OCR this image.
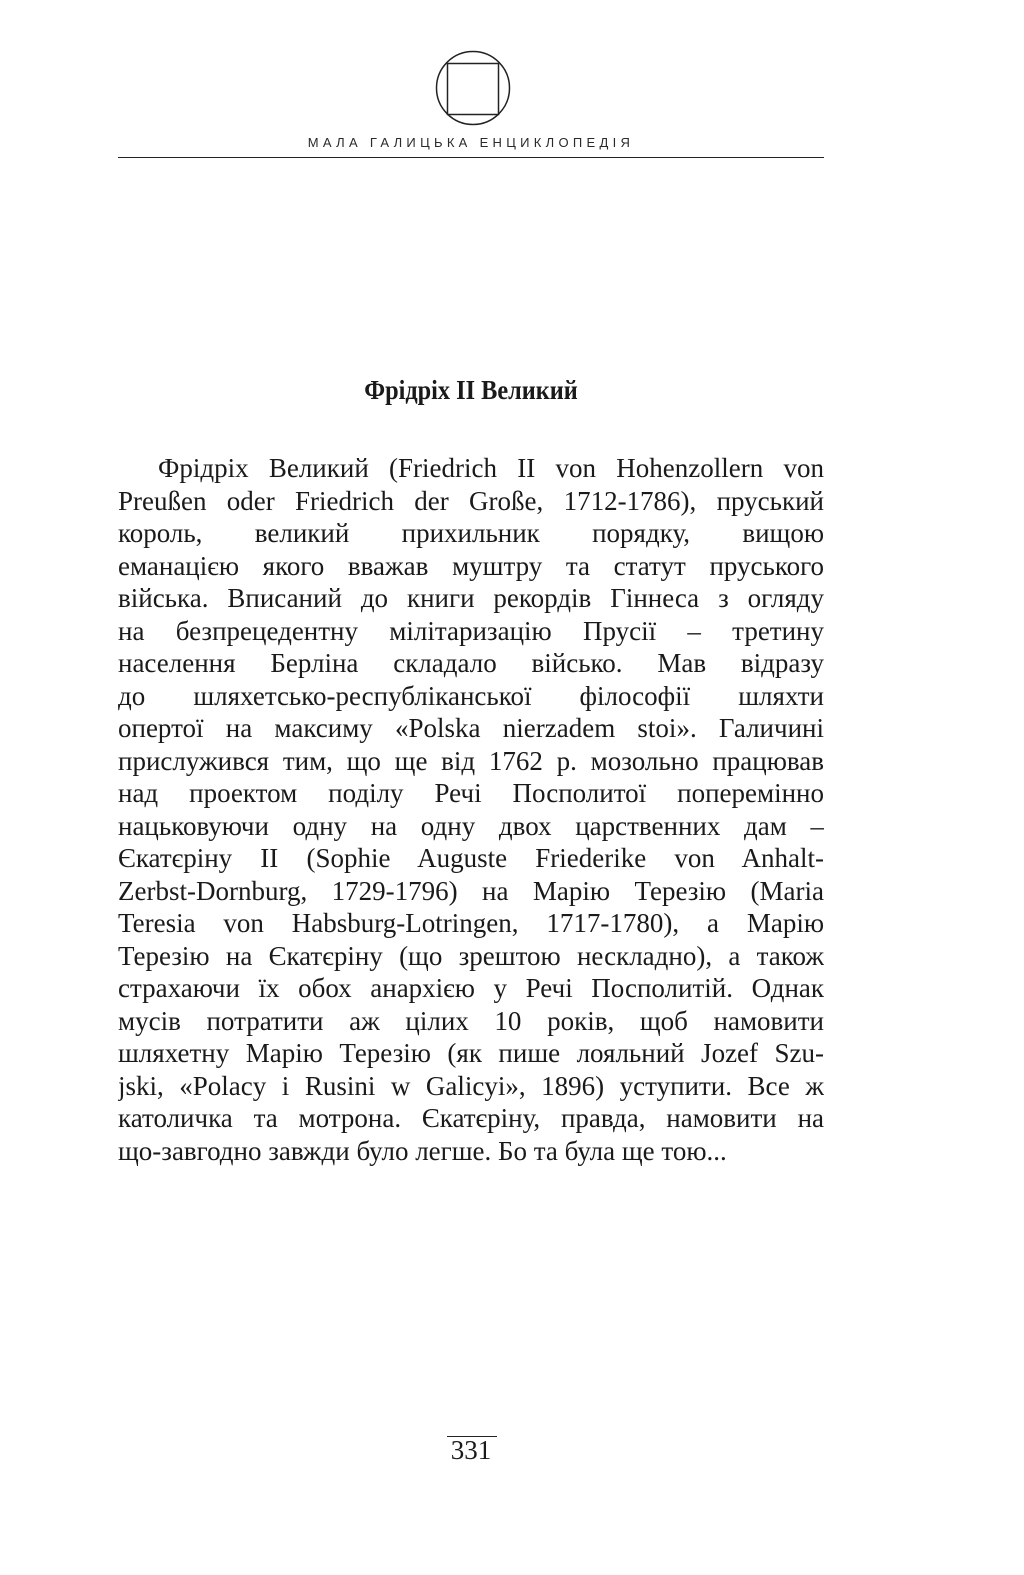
МАЛА ГАЛИЦЬКА ЕНЦИКЛОПЕДІЯ
Фрідріх II Великий
Фрідріх Великий (Friedrich II von Hohenzollern von
Preußen oder Friedrich der Große, 1712-1786), пруський
король, великий прихильник порядку, вищою
еманацією якого вважав муштру та статут пруського
війська. Вписаний до книги рекордів Гіннеса з огляду
на безпрецедентну мілітаризацію Прусії – третину
населення Берліна складало військо. Мав відразу
до шляхетсько-республіканської філософії шляхти
опертої на максиму «Polska nierzadem stoi». Галичині
прислужився тим, що ще від 1762 р. мозольно працював
над проектом поділу Речі Посполитої поперемінно
нацьковуючи одну на одну двох царственних дам –
Єкатєріну II (Sophie Auguste Friederike von Anhalt-
Zerbst-Dornburg, 1729-1796) на Марію Терезію (Maria
Teresia von Habsburg-Lotringen, 1717-1780), а Марію
Терезію на Єкатєріну (що зрештою нескладно), а також
страхаючи їх обох анархією у Речі Посполитій. Однак
мусів потратити аж цілих 10 років, щоб намовити
шляхетну Марію Терезію (як пише лояльний Jozef Szu-
jski, «Polacy i Rusini w Galicyi», 1896) уступити. Все ж
католичка та мотрона. Єкатєріну, правда, намовити на
що-завгодно завжди було легше. Бо та була ще тою...
331
